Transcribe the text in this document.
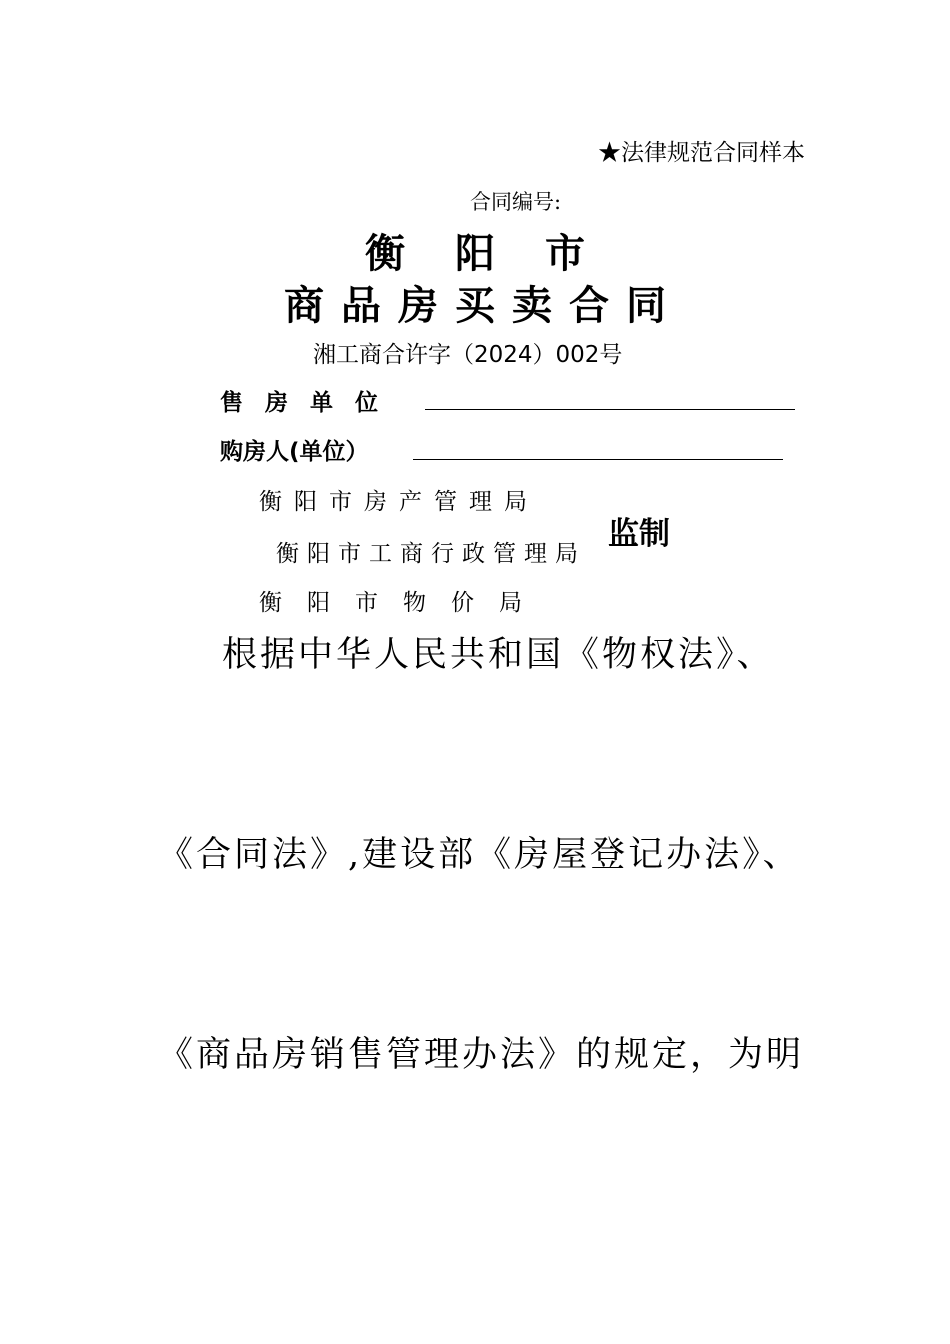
★法律规范合同样本
合同编号:
衡阳市
商品房买卖合同
湘工商合许字（2024）002号
售房单位
购房人(单位）
衡阳市房产管理局
衡阳市工商行政管理局
衡阳市物价局
监制
根据中华人民共和国《物权法》、
《合同法》,建设部《房屋登记办法》、
《商品房销售管理办法》的规定，为明
